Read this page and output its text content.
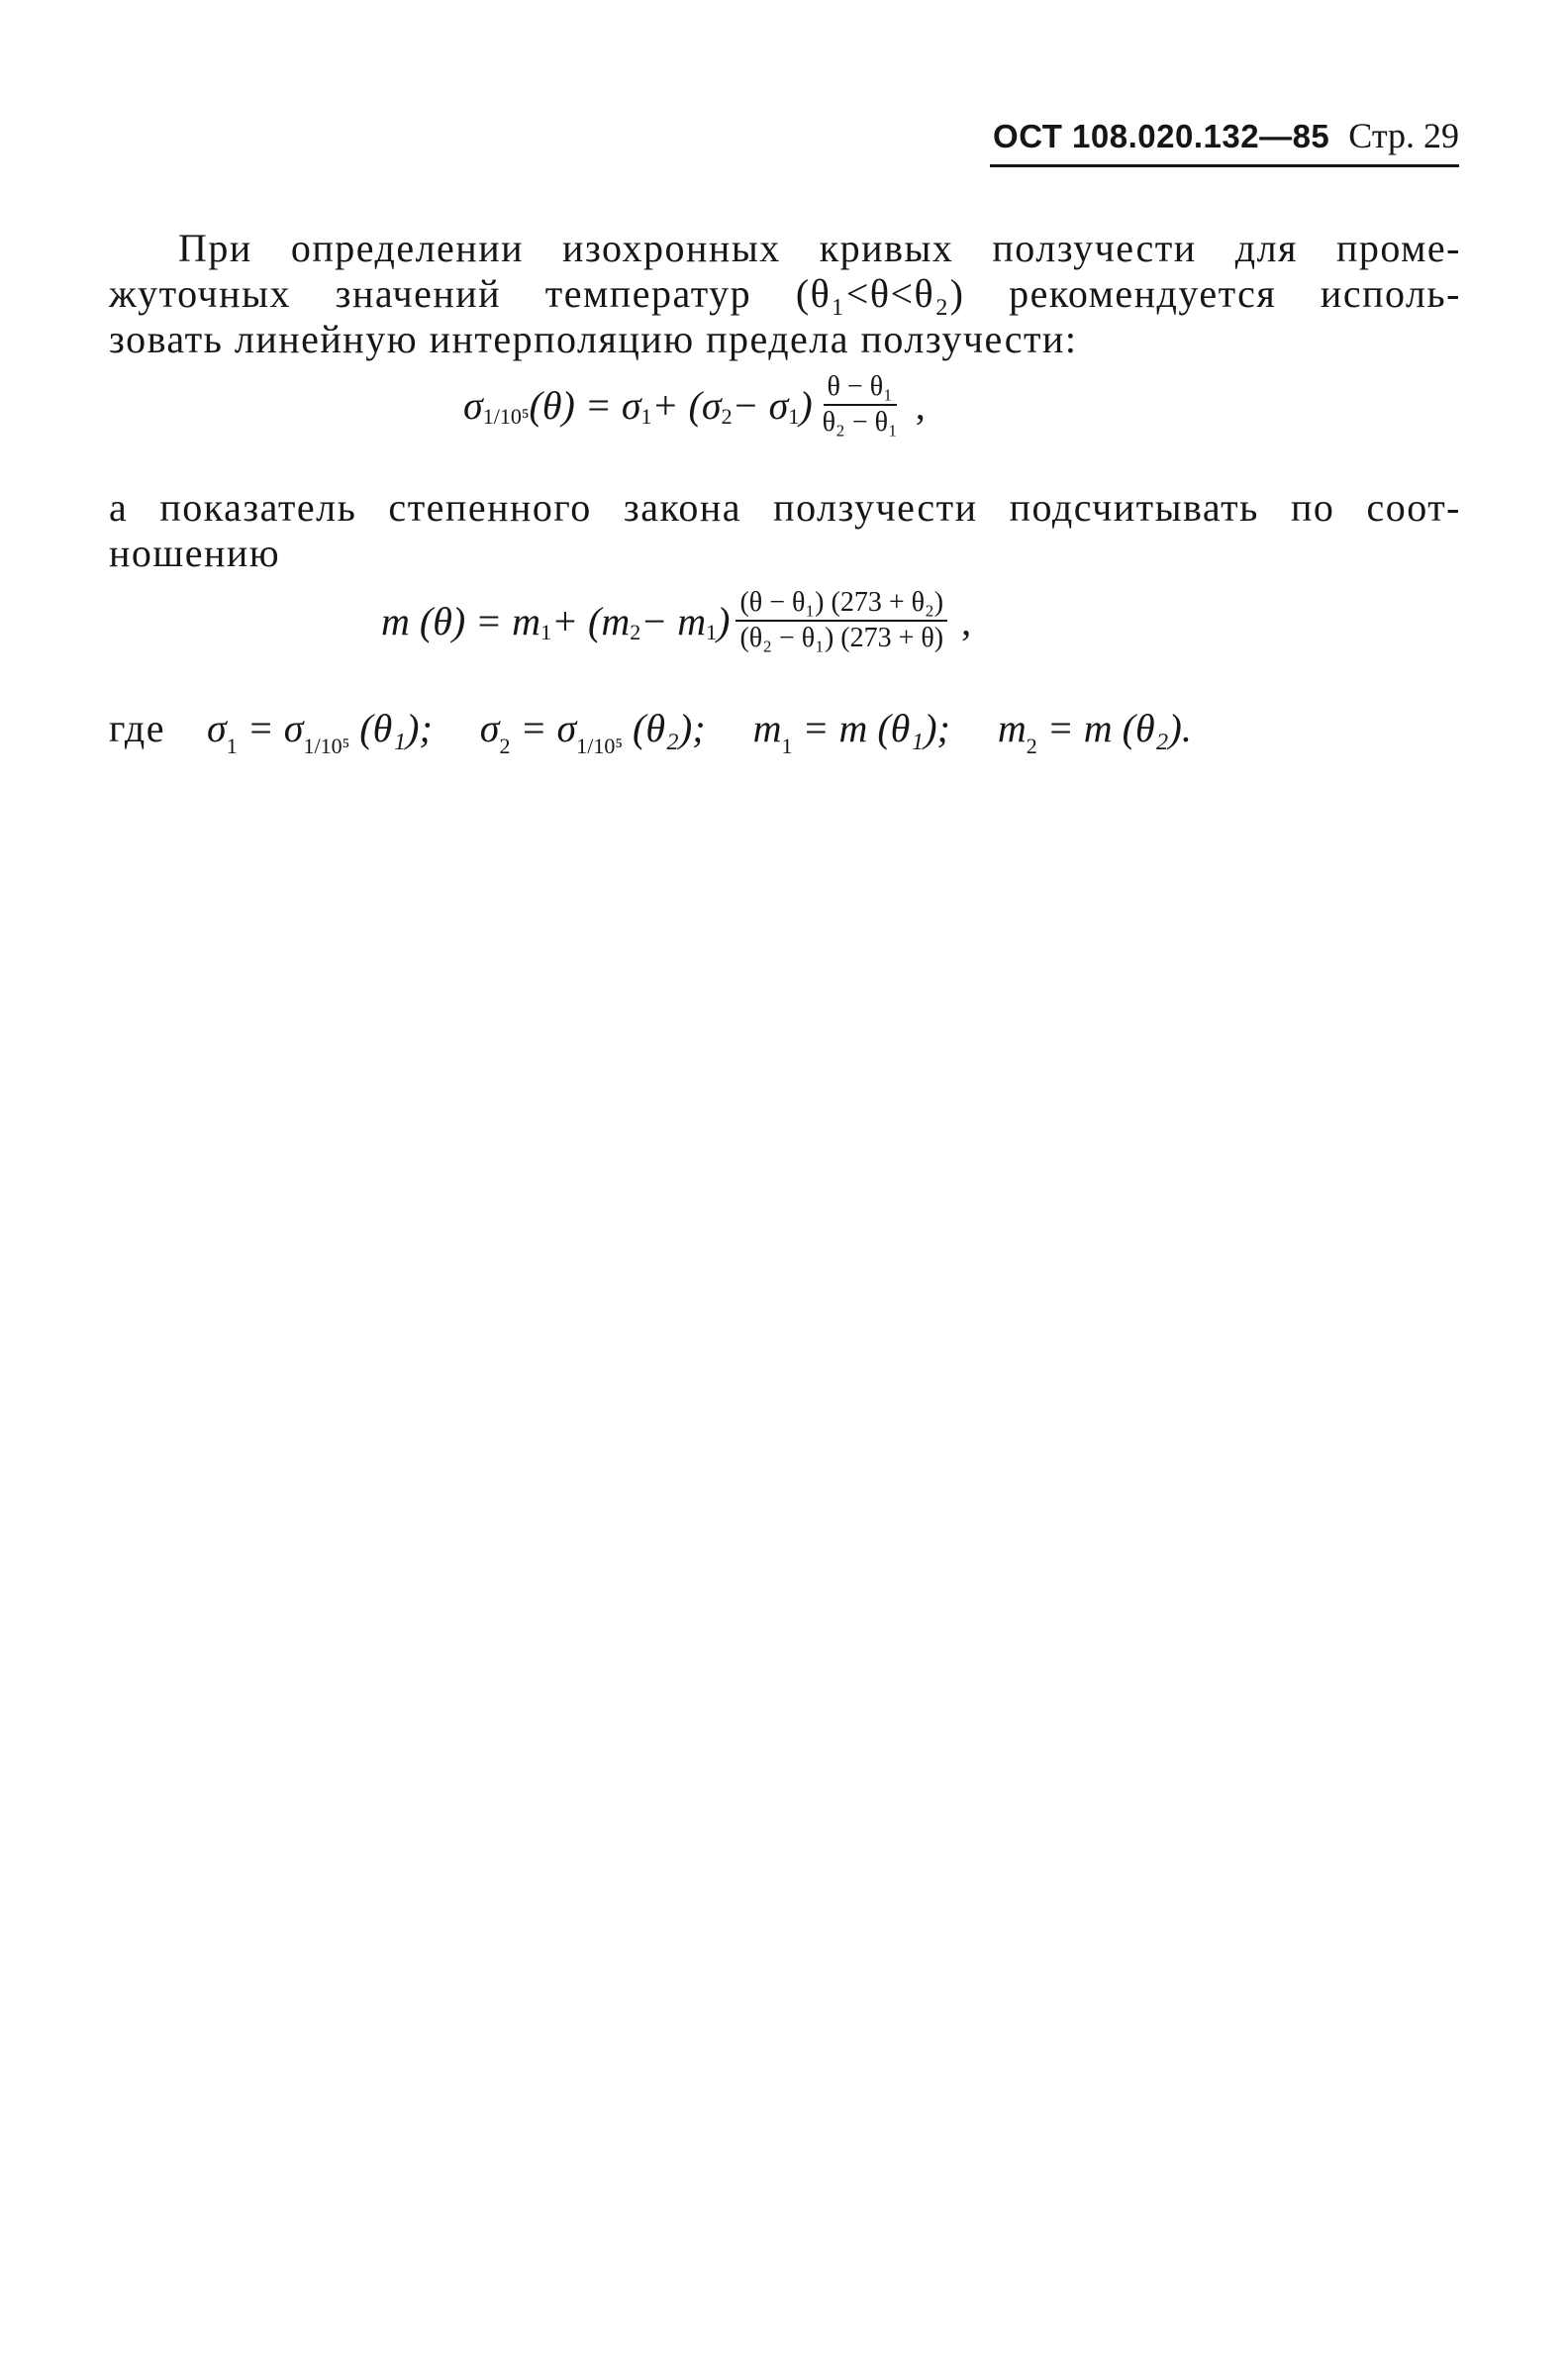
ОСТ 108.020.132—85 Стр. 29
При определении изохронных кривых ползучести для проме-
жуточных значений температур (θ₁<θ<θ₂) рекомендуется исполь-
зовать линейную интерполяцию предела ползучести:
σ 1/10⁵ (θ) = σ 1 + (σ 2 − σ 1 ) $\frac{\text{θ − θ₁}}{\text{θ₂ − θ₁}}$ ,
а показатель степенного закона ползучести подсчитывать по соот-
ношению
m (θ) = m 1 + (m 2 − m 1 ) $\frac{\text{(θ − θ₁) (273 + θ₂)}}{\text{(θ₂ − θ₁) (273 + θ)}}$ ,
где $\sigma_1 = \sigma_{1/10^5}$ (θ₁); $\sigma_2 = \sigma_{1/10^5}$ (θ₂); $m_1 = m$ (θ₁); $m_2 = m$ (θ₂).
